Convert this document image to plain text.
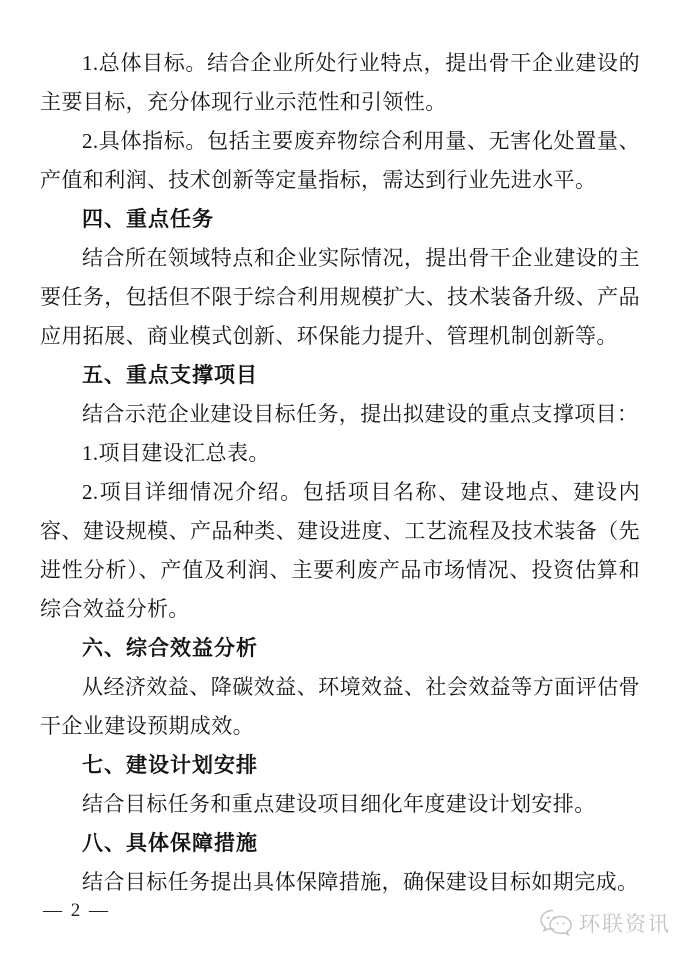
1.总体目标。结合企业所处行业特点，提出骨干企业建设的主要目标，充分体现行业示范性和引领性。

2.具体指标。包括主要废弃物综合利用量、无害化处置量、产值和利润、技术创新等定量指标，需达到行业先进水平。

四、重点任务

结合所在领域特点和企业实际情况，提出骨干企业建设的主要任务，包括但不限于综合利用规模扩大、技术装备升级、产品应用拓展、商业模式创新、环保能力提升、管理机制创新等。

五、重点支撑项目

结合示范企业建设目标任务，提出拟建设的重点支撑项目：

1.项目建设汇总表。

2.项目详细情况介绍。包括项目名称、建设地点、建设内容、建设规模、产品种类、建设进度、工艺流程及技术装备（先进性分析）、产值及利润、主要利废产品市场情况、投资估算和综合效益分析。

六、综合效益分析

从经济效益、降碳效益、环境效益、社会效益等方面评估骨干企业建设预期成效。

七、建设计划安排

结合目标任务和重点建设项目细化年度建设计划安排。

八、具体保障措施

结合目标任务提出具体保障措施，确保建设目标如期完成。

— 2 —
环联资讯
